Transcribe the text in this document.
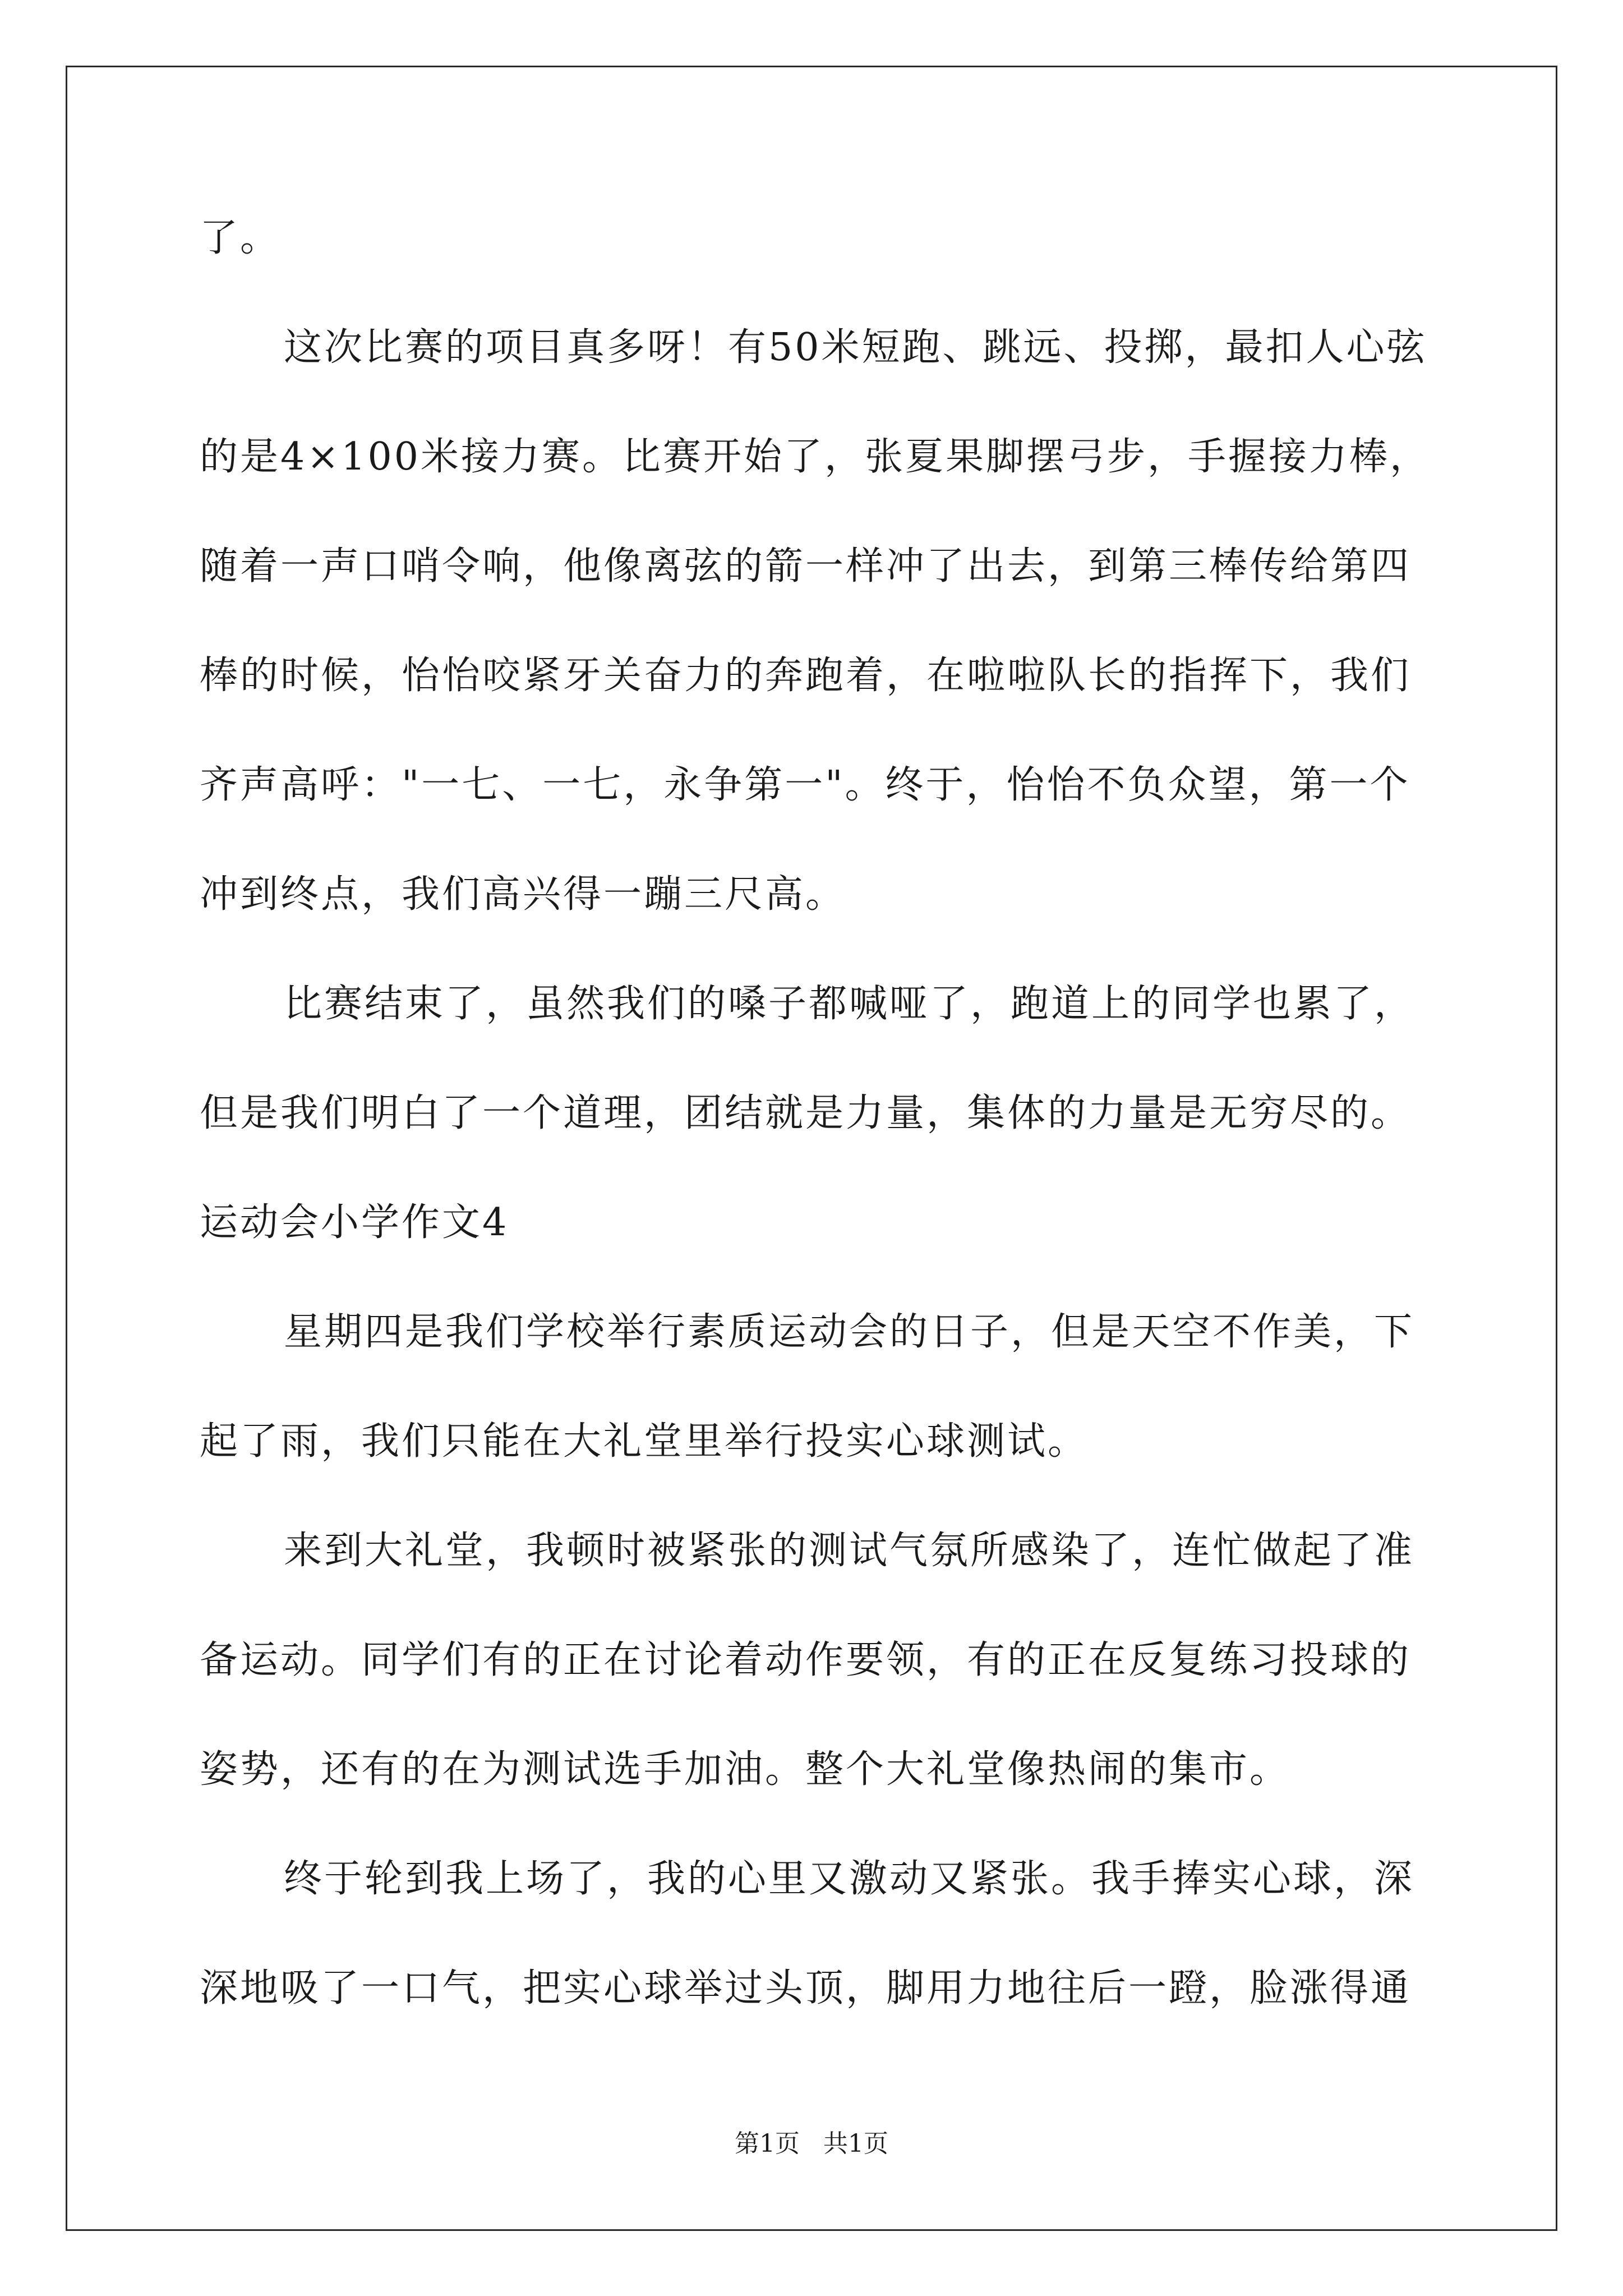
了。

这次比赛的项目真多呀！有50米短跑、跳远、投掷，最扣人心弦

的是4×100米接力赛。比赛开始了，张夏果脚摆弓步，手握接力棒，

随着一声口哨令响，他像离弦的箭一样冲了出去，到第三棒传给第四

棒的时候，怡怡咬紧牙关奋力的奔跑着，在啦啦队长的指挥下，我们

齐声高呼："一七、一七，永争第一"。终于，怡怡不负众望，第一个

冲到终点，我们高兴得一蹦三尺高。

比赛结束了，虽然我们的嗓子都喊哑了，跑道上的同学也累了，

但是我们明白了一个道理，团结就是力量，集体的力量是无穷尽的。

运动会小学作文4

星期四是我们学校举行素质运动会的日子，但是天空不作美，下

起了雨，我们只能在大礼堂里举行投实心球测试。

来到大礼堂，我顿时被紧张的测试气氛所感染了，连忙做起了准

备运动。同学们有的正在讨论着动作要领，有的正在反复练习投球的

姿势，还有的在为测试选手加油。整个大礼堂像热闹的集市。

终于轮到我上场了，我的心里又激动又紧张。我手捧实心球，深

深地吸了一口气，把实心球举过头顶，脚用力地往后一蹬，脸涨得通

第1页   共1页
